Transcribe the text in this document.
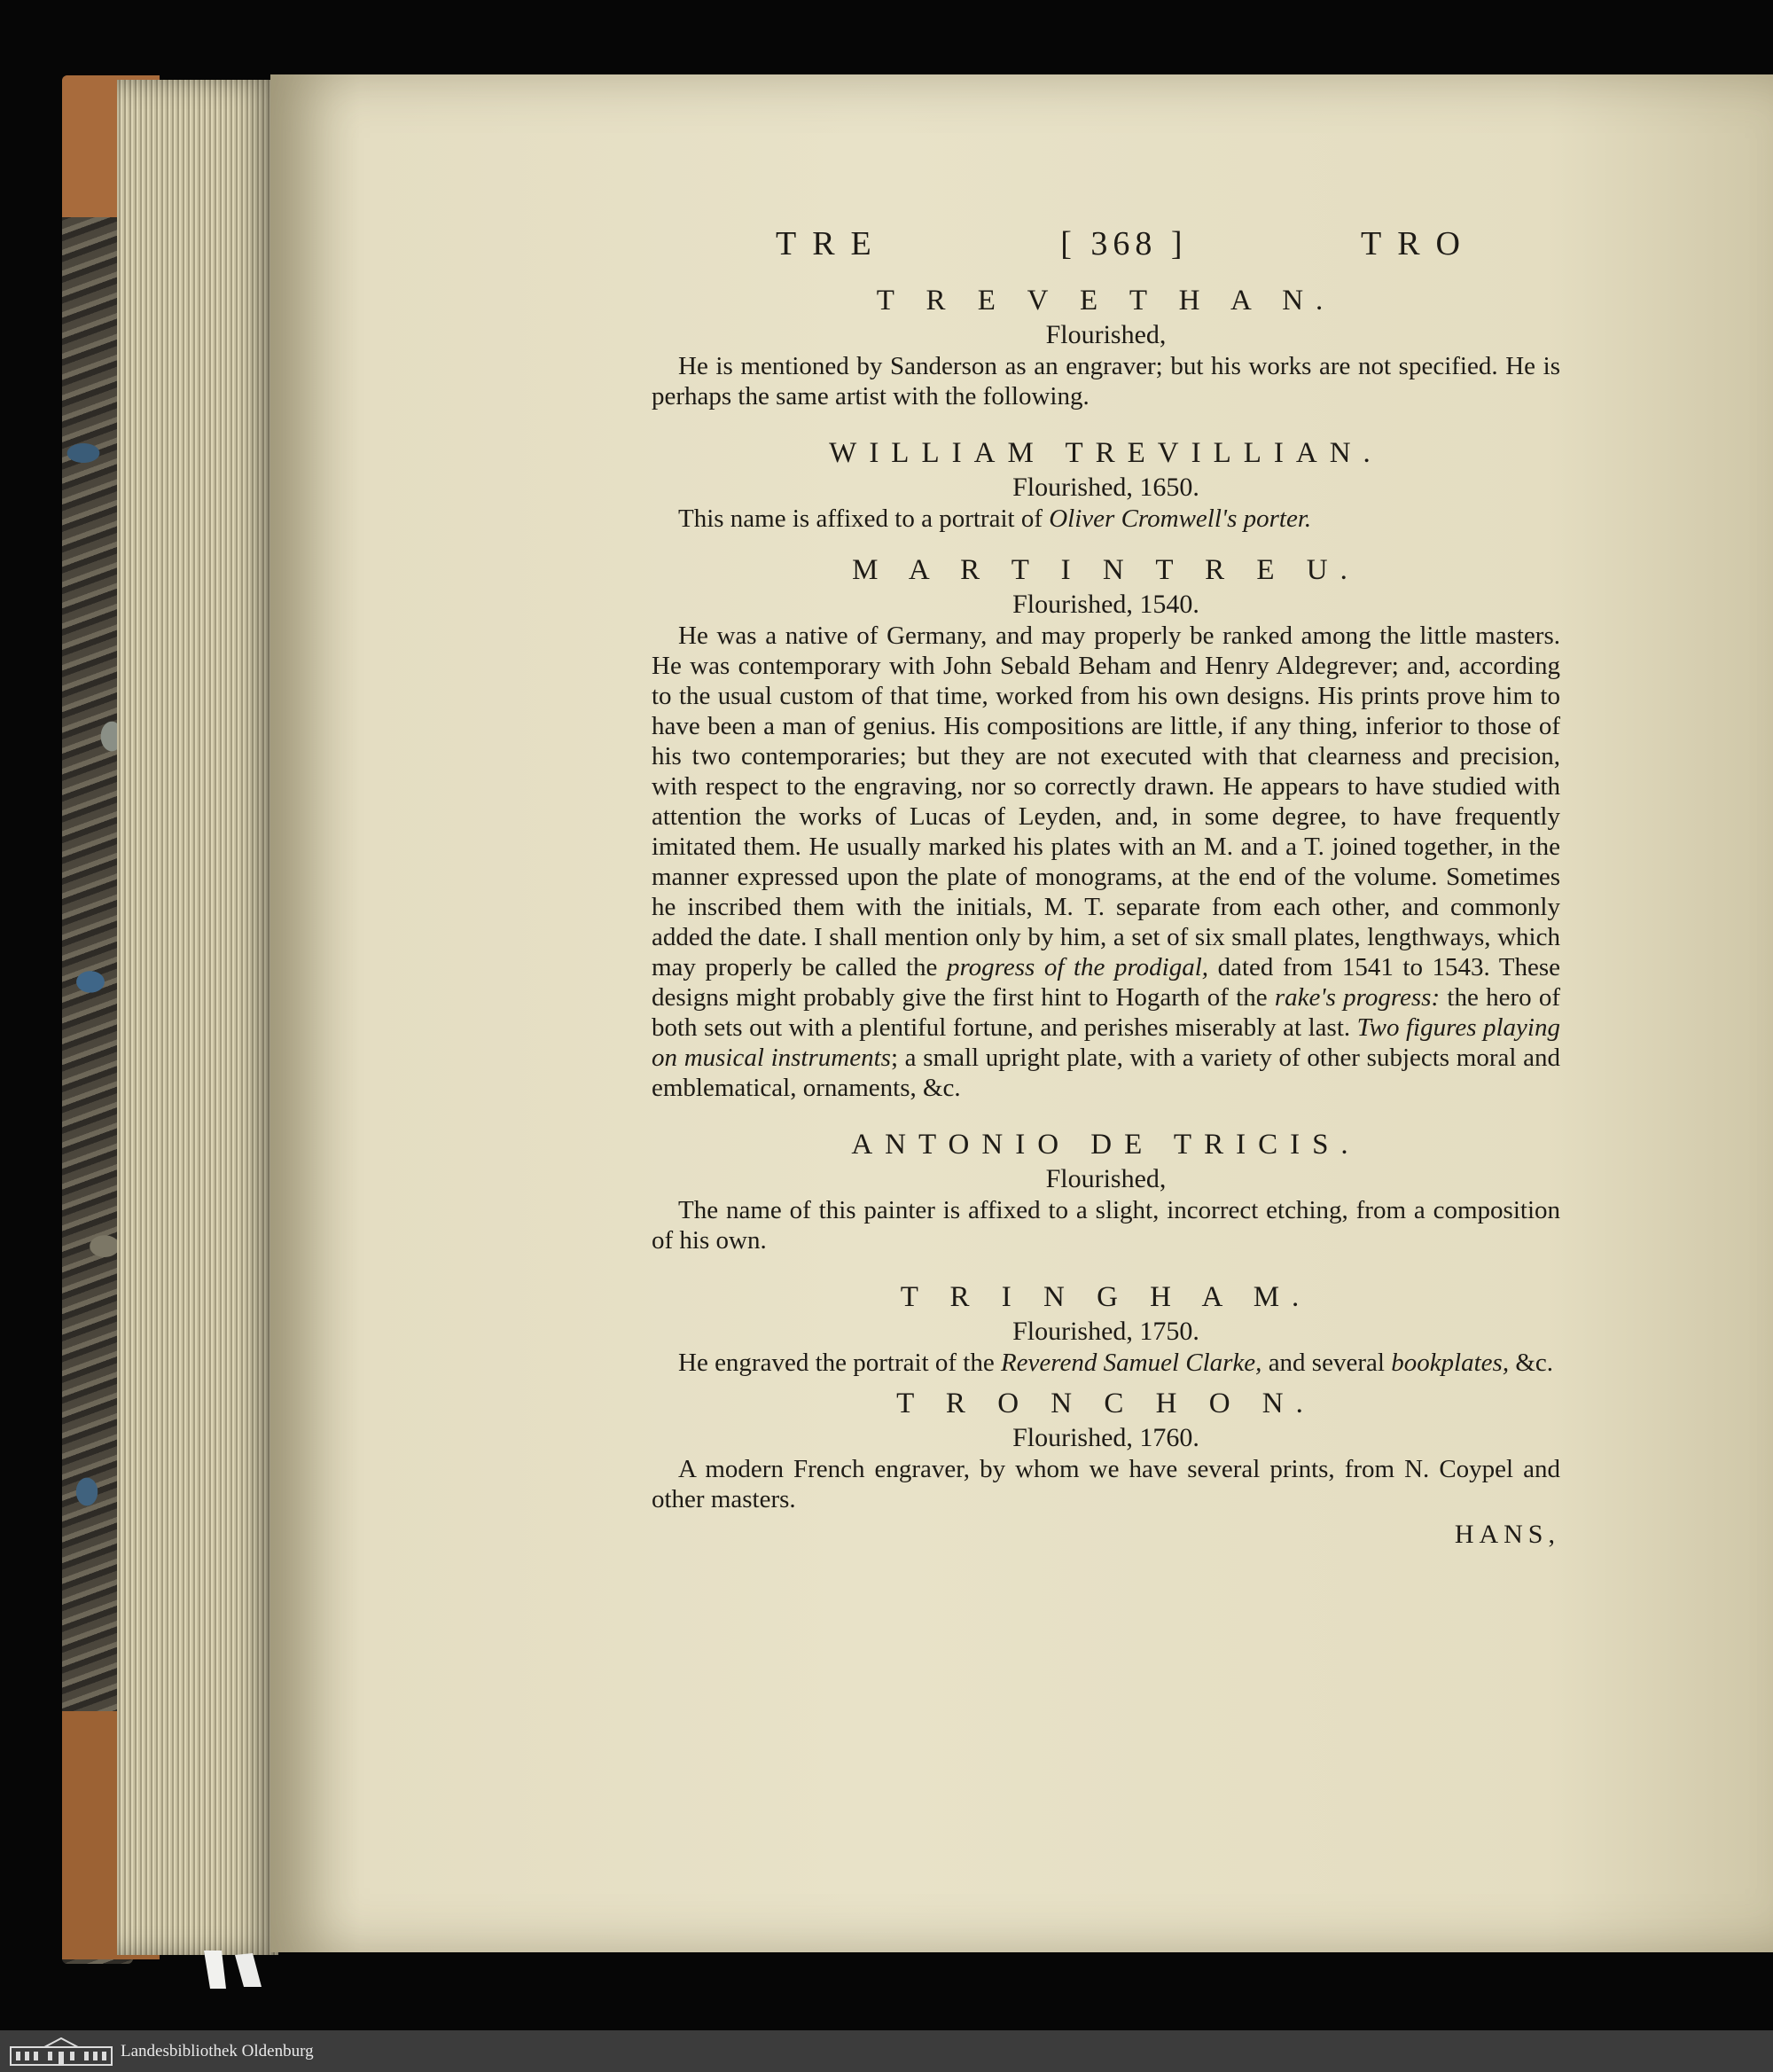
TRE	[ 368 ]	TRO
T R E V E T H A N.
Flourished,

He is mentioned by Sanderson as an engraver; but his works are not specified. He is perhaps the same artist with the following.

WILLIAM TREVILLIAN.
Flourished, 1650.

This name is affixed to a portrait of Oliver Cromwell's porter.

M A R T I N T R E U.
Flourished, 1540.

He was a native of Germany, and may properly be ranked among the little masters. He was contemporary with John Sebald Beham and Henry Aldegrever; and, according to the usual custom of that time, worked from his own designs. His prints prove him to have been a man of genius. His compositions are little, if any thing, inferior to those of his two contemporaries; but they are not executed with that clearness and precision, with respect to the engraving, nor so correctly drawn. He appears to have studied with attention the works of Lucas of Leyden, and, in some degree, to have frequently imitated them. He usually marked his plates with an M. and a T. joined together, in the manner expressed upon the plate of monograms, at the end of the volume. Sometimes he inscribed them with the initials, M. T. separate from each other, and commonly added the date. I shall mention only by him, a set of six small plates, lengthways, which may properly be called the progress of the prodigal, dated from 1541 to 1543. These designs might probably give the first hint to Hogarth of the rake's progress: the hero of both sets out with a plentiful fortune, and perishes miserably at last. Two figures playing on musical instruments; a small upright plate, with a variety of other subjects moral and emblematical, ornaments, &c.

ANTONIO DE TRICIS.
Flourished,

The name of this painter is affixed to a slight, incorrect etching, from a composition of his own.

T R I N G H A M.
Flourished, 1750.

He engraved the portrait of the Reverend Samuel Clarke, and several bookplates, &c.

T R O N C H O N.
Flourished, 1760.

A modern French engraver, by whom we have several prints, from N. Coypel and other masters.

HANS,
Landesbibliothek Oldenburg
